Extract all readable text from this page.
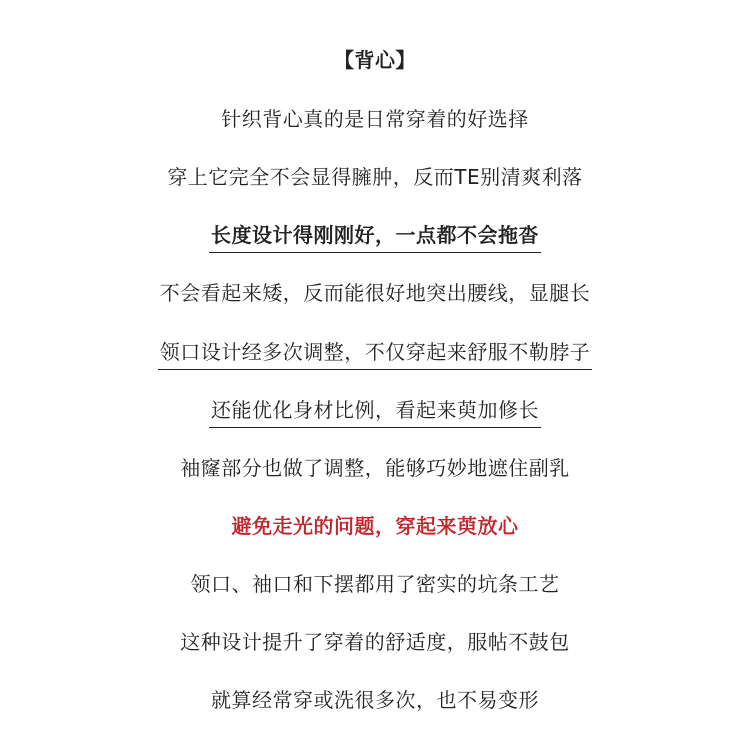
【背心】
针织背心真的是日常穿着的好选择
穿上它完全不会显得臃肿，反而TE别清爽利落
长度设计得刚刚好，一点都不会拖沓
不会看起来矮，反而能很好地突出腰线，显腿长
领口设计经多次调整，不仅穿起来舒服不勒脖子
还能优化身材比例，看起来萸加修长
袖窿部分也做了调整，能够巧妙地遮住副乳
避免走光的问题，穿起来萸放心
领口、袖口和下摆都用了密实的坑条工艺
这种设计提升了穿着的舒适度，服帖不鼓包
就算经常穿或洗很多次，也不易变形
